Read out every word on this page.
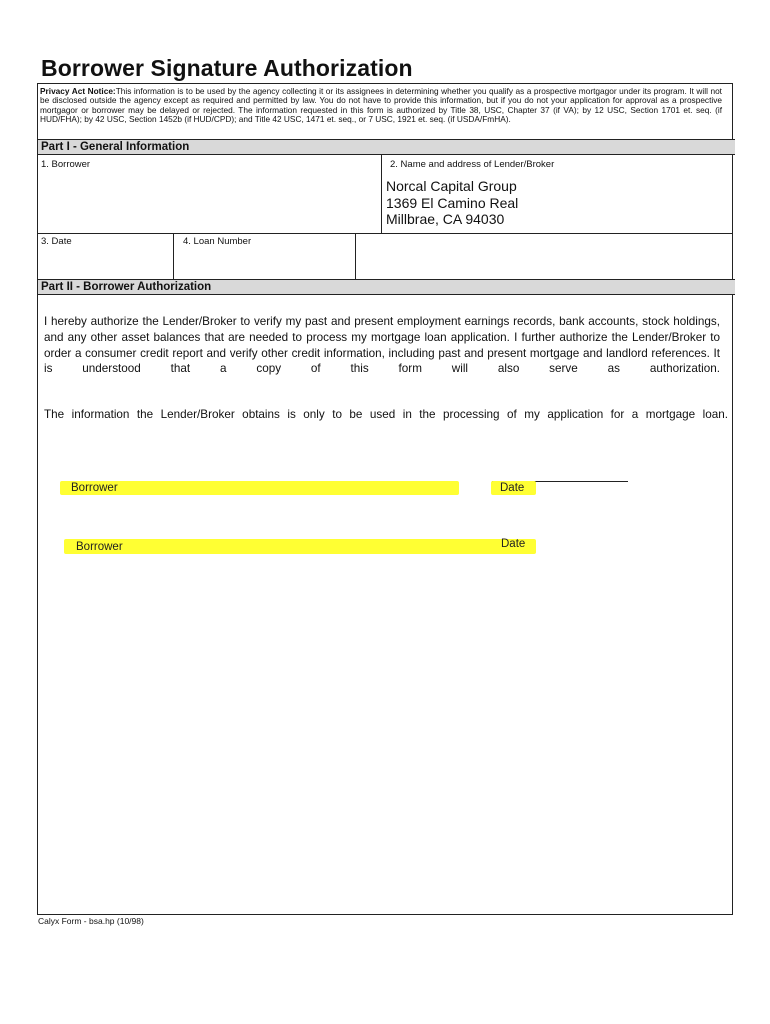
Borrower Signature Authorization
Privacy Act Notice:This information is to be used by the agency collecting it or its assignees in determining whether you qualify as a prospective mortgagor under its program. It will not be disclosed outside the agency except as required and permitted by law. You do not have to provide this information, but if you do not your application for approval as a prospective mortgagor or borrower may be delayed or rejected. The information requested in this form is authorized by Title 38, USC, Chapter 37 (if VA); by 12 USC, Section 1701 et. seq. (if HUD/FHA); by 42 USC, Section 1452b (if HUD/CPD); and Title 42 USC, 1471 et. seq., or 7 USC, 1921 et. seq. (if USDA/FmHA).
Part I - General Information
1. Borrower	2. Name and address of Lender/Broker
Norcal Capital Group
1369 El Camino Real
Millbrae, CA 94030
3. Date	4. Loan Number
Part II - Borrower Authorization
I hereby authorize the Lender/Broker to verify my past and present employment earnings records, bank accounts, stock holdings, and any other asset balances that are needed to process my mortgage loan application. I further authorize the Lender/Broker to order a consumer credit report and verify other credit information, including past and present mortgage and landlord references. It is understood that a copy of this form will also serve as authorization.
The information the Lender/Broker obtains is only to be used in the processing of my application for a mortgage loan.
Borrower	Date
Borrower	Date
Calyx Form - bsa.hp (10/98)
